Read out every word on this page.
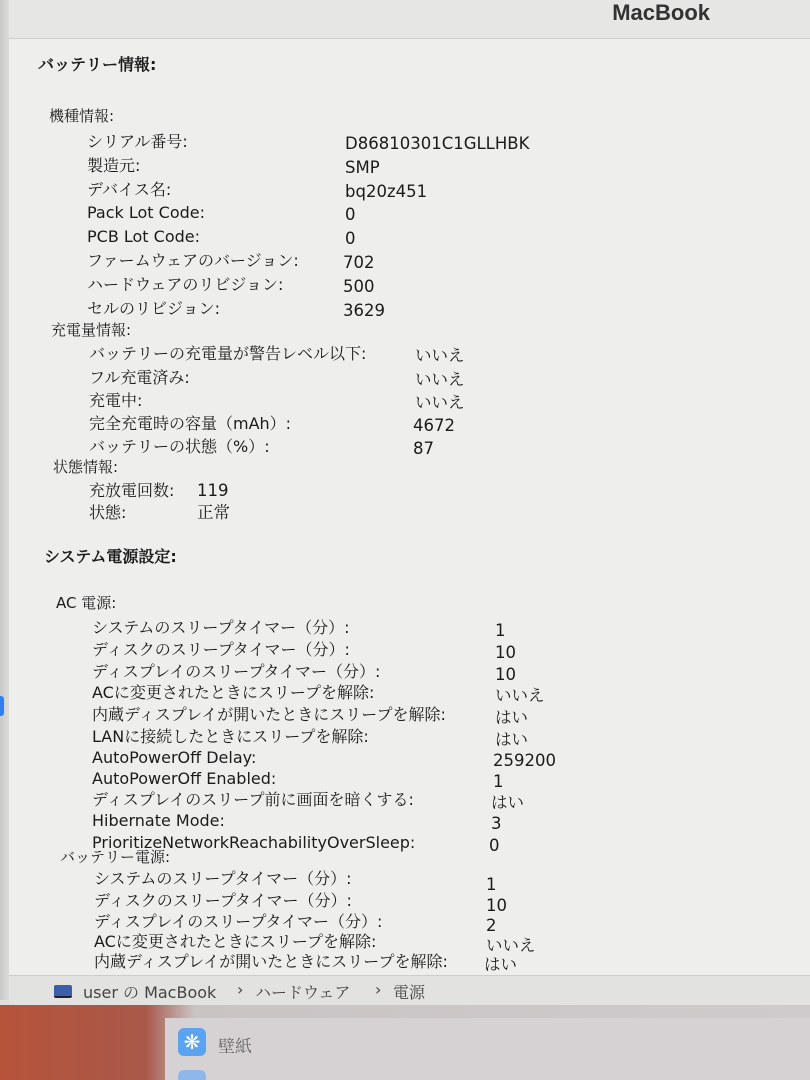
MacBook
バッテリー情報:
機種情報:
シリアル番号:	D86810301C1GLLHBK
製造元:	SMP
デバイス名:	bq20z451
Pack Lot Code:	0
PCB Lot Code:	0
ファームウェアのバージョン:	702
ハードウェアのリビジョン:	500
セルのリビジョン:	3629
充電量情報:
バッテリーの充電量が警告レベル以下:	いいえ
フル充電済み:	いいえ
充電中:	いいえ
完全充電時の容量（mAh）:	4672
バッテリーの状態（%）:	87
状態情報:
充放電回数: 119
状態:	正常
システム電源設定:
AC 電源:
システムのスリープタイマー（分）:	1
ディスクのスリープタイマー（分）:	10
ディスプレイのスリープタイマー（分）:	10
ACに変更されたときにスリープを解除:	いいえ
内蔵ディスプレイが開いたときにスリープを解除:	はい
LANに接続したときにスリープを解除:	はい
AutoPowerOff Delay:	259200
AutoPowerOff Enabled:	1
ディスプレイのスリープ前に画面を暗くする:	はい
Hibernate Mode:	3
PrioritizeNetworkReachabilityOverSleep:	0
バッテリー電源:
システムのスリープタイマー（分）:	1
ディスクのスリープタイマー（分）:	10
ディスプレイのスリープタイマー（分）:	2
ACに変更されたときにスリープを解除:	いいえ
内蔵ディスプレイが開いたときにスリープを解除: はい
user の MacBook › ハードウェア › 電源
❋	壁紙
